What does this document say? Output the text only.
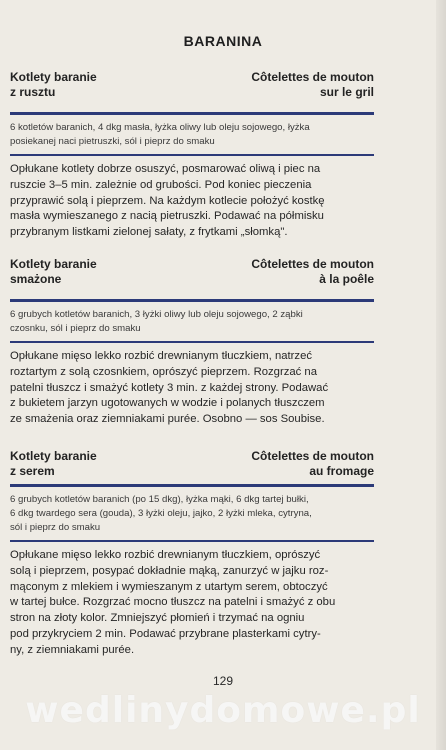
BARANINA
Kotlety baranie
z rusztu
Côtelettes de mouton
sur le gril
6 kotletów baranich, 4 dkg masła, łyżka oliwy lub oleju sojowego, łyżka
posiekanej naci pietruszki, sól i pieprz do smaku
Opłukane kotlety dobrze osuszyć, posmarować oliwą i piec na
ruszcie 3–5 min. zależnie od grubości. Pod koniec pieczenia
przyprawić solą i pieprzem. Na każdym kotlecie położyć kostkę
masła wymieszanego z nacią pietruszki. Podawać na półmisku
przybranym listkami zielonej sałaty, z frytkami „słomką".
Kotlety baranie
smażone
Côtelettes de mouton
à la poêle
6 grubych kotletów baranich, 3 łyżki oliwy lub oleju sojowego, 2 ząbki
czosnku, sól i pieprz do smaku
Opłukane mięso lekko rozbić drewnianym tłuczkiem, natrzeć
roztartym z solą czosnkiem, oprószyć pieprzem. Rozgrzać na
patelni tłuszcz i smażyć kotlety 3 min. z każdej strony. Podawać
z bukietem jarzyn ugotowanych w wodzie i polanych tłuszczem
ze smażenia oraz ziemniakami purée. Osobno — sos Soubise.
Kotlety baranie
z serem
Côtelettes de mouton
au fromage
6 grubych kotletów baranich (po 15 dkg), łyżka mąki, 6 dkg tartej bułki,
6 dkg twardego sera (gouda), 3 łyżki oleju, jajko, 2 łyżki mleka, cytryna,
sól i pieprz do smaku
Opłukane mięso lekko rozbić drewnianym tłuczkiem, oprószyć
solą i pieprzem, posypać dokładnie mąką, zanurzyć w jajku roz-
mąconym z mlekiem i wymieszanym z utartym serem, obtoczyć
w tartej bułce. Rozgrzać mocno tłuszcz na patelni i smażyć z obu
stron na złoty kolor. Zmniejszyć płomień i trzymać na ogniu
pod przykryciem 2 min. Podawać przybrane plasterkami cytry-
ny, z ziemniakami purée.
129
wedlinydomowe.pl
